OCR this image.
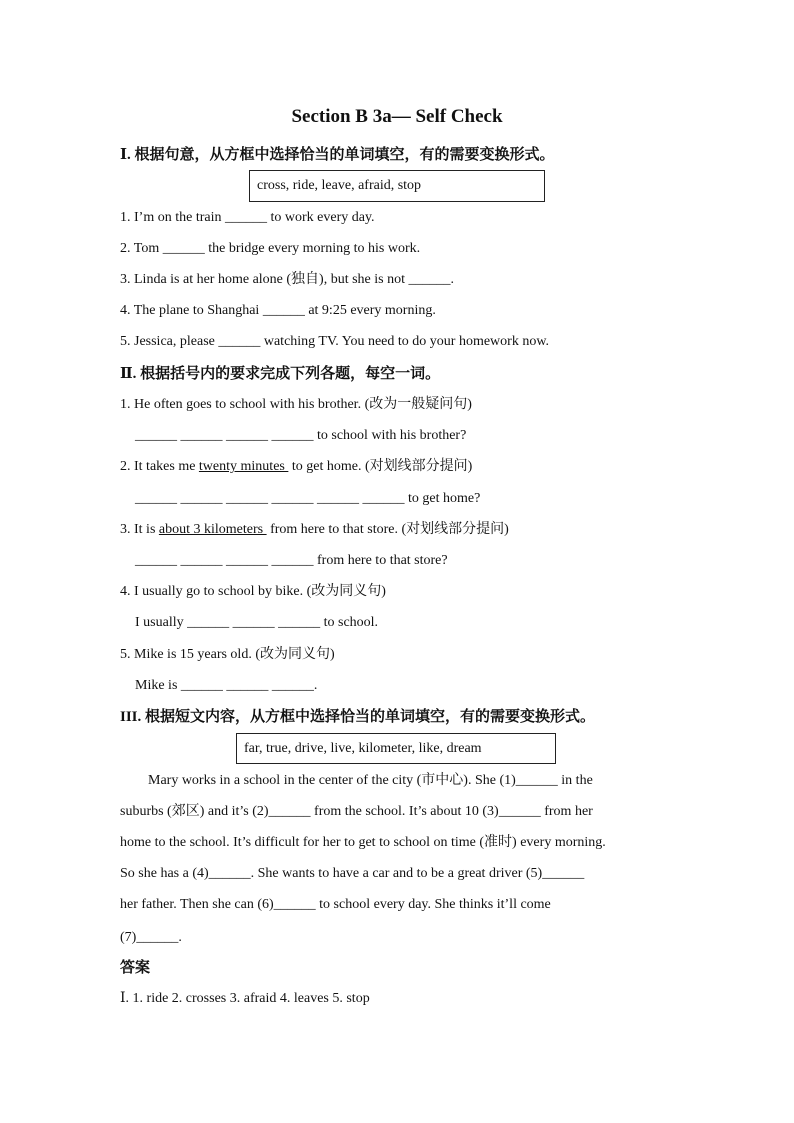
Section B 3a— Self Check
Ⅰ. 根据句意，从方框中选择恰当的单词填空，有的需要变换形式。
cross, ride, leave, afraid, stop
1. I’m on the train ______ to work every day.
2. Tom ______ the bridge every morning to his work.
3. Linda is at her home alone (独自), but she is not ______.
4. The plane to Shanghai ______ at 9:25 every morning.
5. Jessica, please ______ watching TV. You need to do your homework now.
Ⅱ. 根据括号内的要求完成下列各题，每空一词。
1. He often goes to school with his brother. (改为一般疑问句)
______ ______ ______ ______ to school with his brother?
2. It takes me twenty minutes  to get home. (对划线部分提问)
______ ______ ______ ______ ______ ______ to get home?
3. It is about 3 kilometers  from here to that store. (对划线部分提问)
______ ______ ______ ______ from here to that store?
4. I usually go to school by bike. (改为同义句)
I usually ______ ______ ______ to school.
5. Mike is 15 years old. (改为同义句)
Mike is ______ ______ ______.
III. 根据短文内容，从方框中选择恰当的单词填空，有的需要变换形式。
far, true, drive, live, kilometer, like, dream
Mary works in a school in the center of the city (市中心). She (1)______ in the
suburbs (郊区) and it’s (2)______ from the school. It’s about 10 (3)______ from her
home to the school. It’s difficult for her to get to school on time (准时) every morning.
So she has a (4)______. She wants to have a car and to be a great driver (5)______
her father. Then she can (6)______ to school every day. She thinks it’ll come
(7)______.
答案
Ⅰ. 1. ride 2. crosses 3. afraid 4. leaves 5. stop
